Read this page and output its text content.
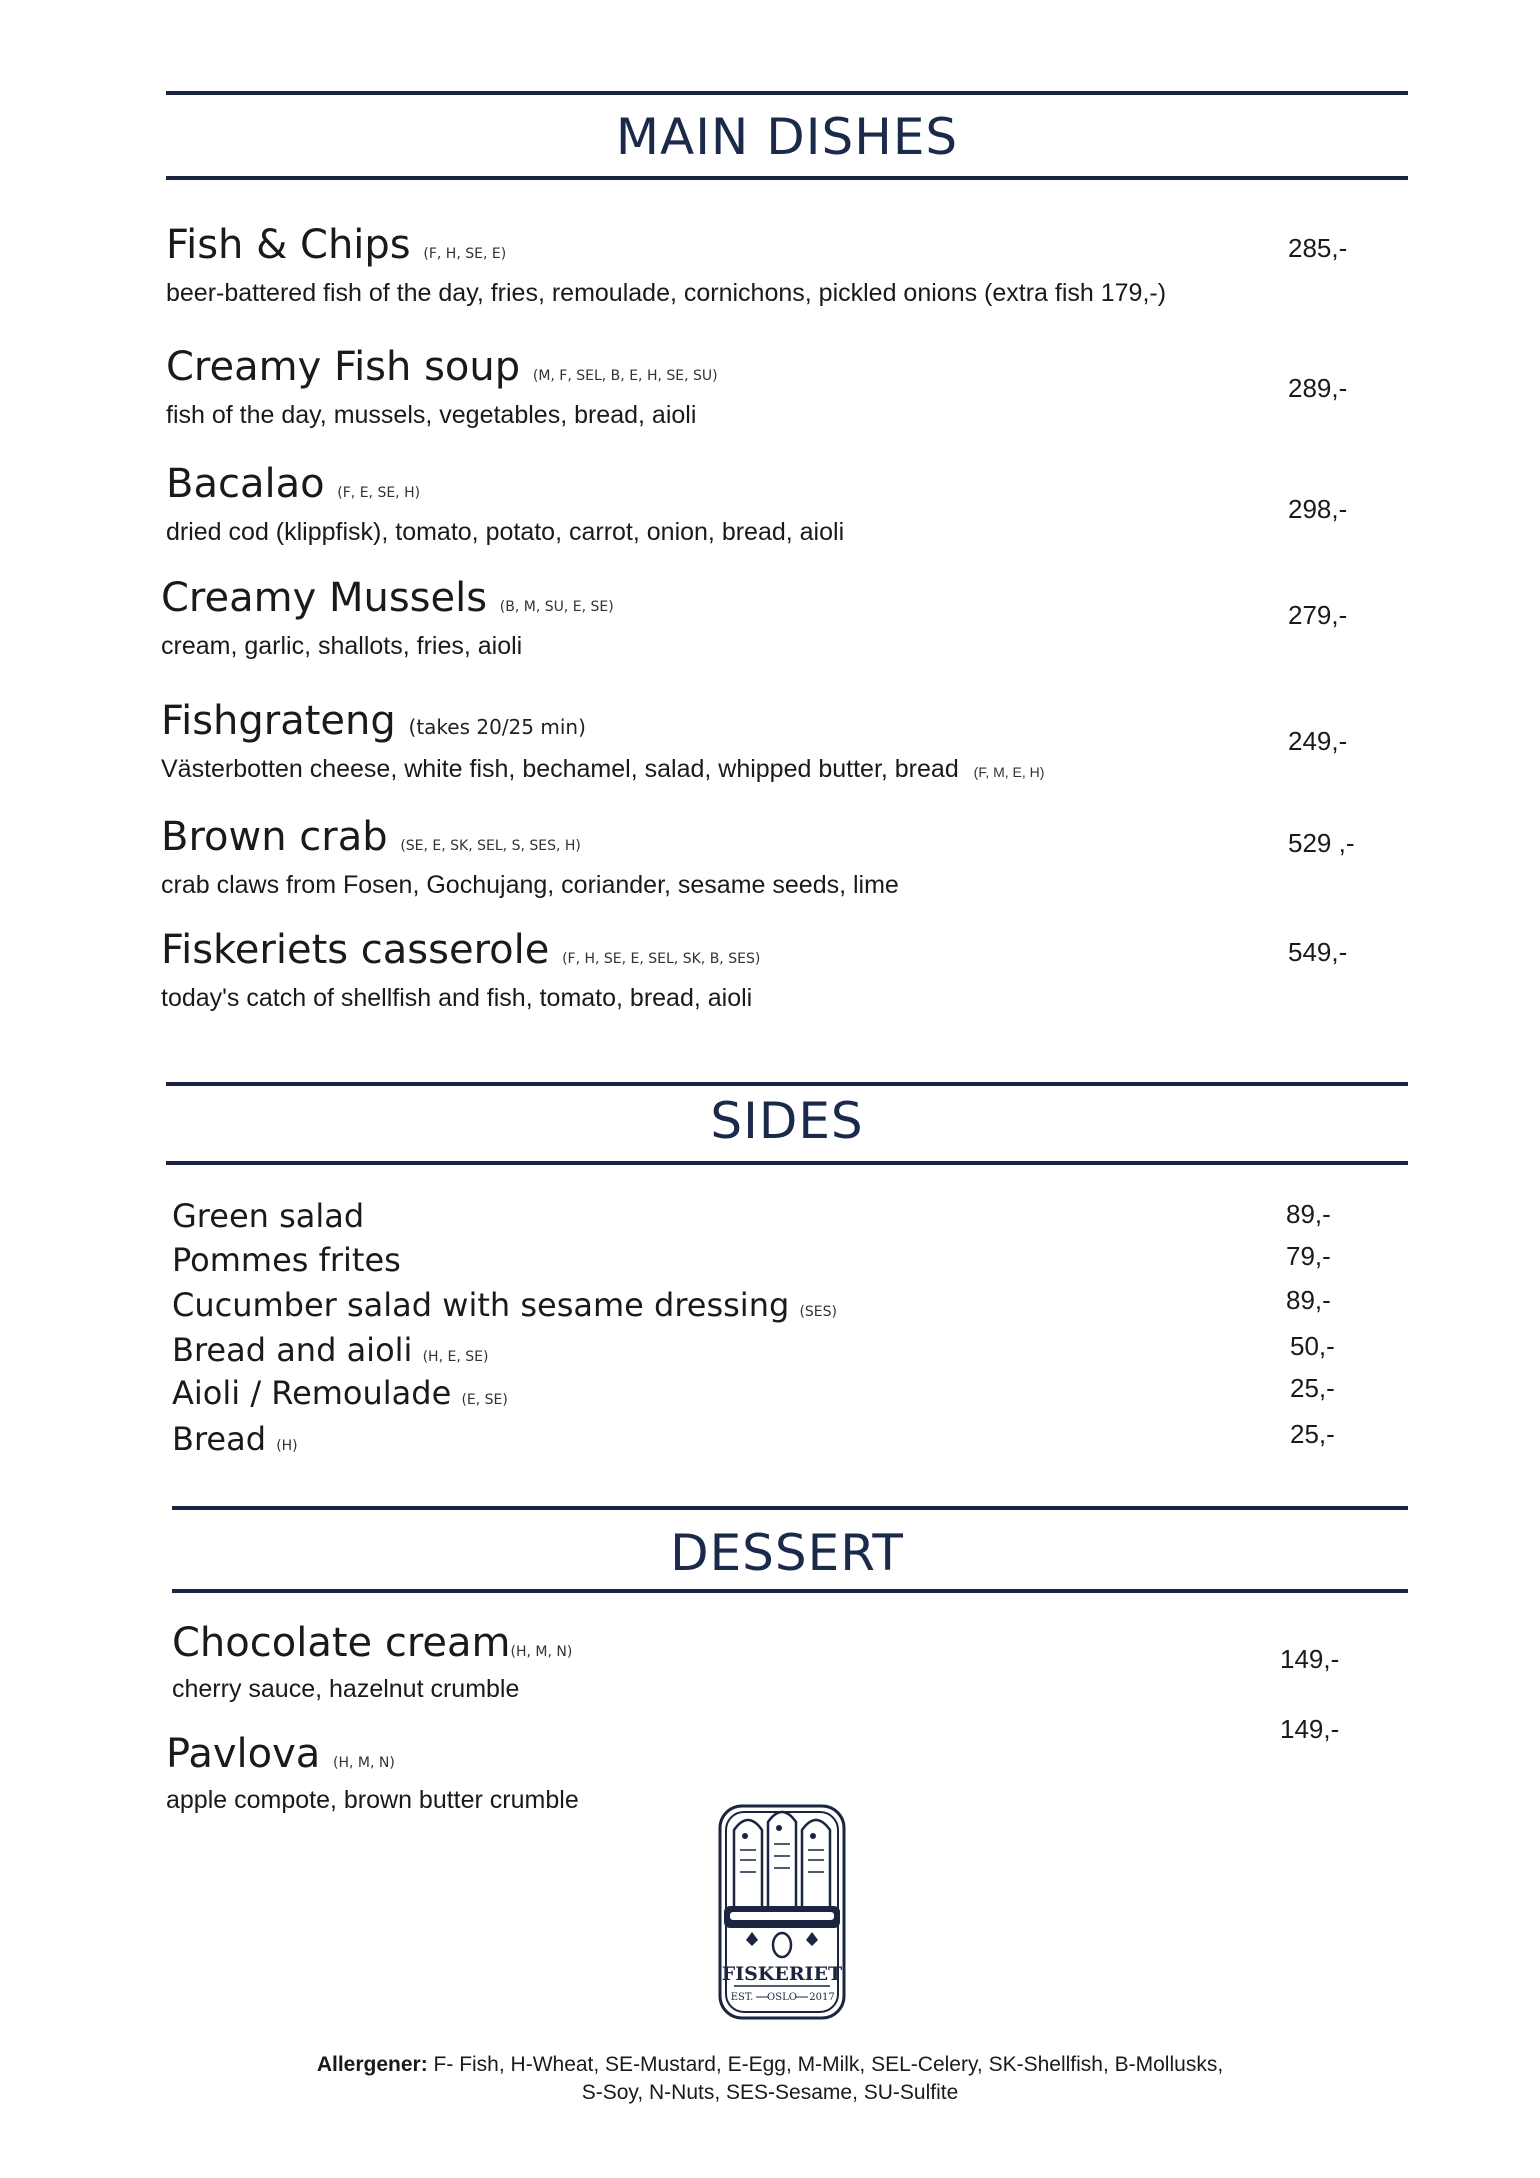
MAIN DISHES
Fish & Chips (F, H, SE, E)
beer-battered fish of the day, fries, remoulade, cornichons, pickled onions (extra fish 179,-)
285,-
Creamy Fish soup (M, F, SEL, B, E, H, SE, SU)
fish of the day, mussels, vegetables, bread, aioli
289,-
Bacalao (F, E, SE, H)
dried cod (klippfisk), tomato, potato, carrot, onion, bread, aioli
298,-
Creamy Mussels (B, M, SU, E, SE)
cream, garlic, shallots, fries, aioli
279,-
Fishgrateng (takes 20/25 min)
Västerbotten cheese, white fish, bechamel, salad, whipped butter, bread (F, M, E, H)
249,-
Brown crab (SE, E, SK, SEL, S, SES, H)
crab claws from Fosen, Gochujang, coriander, sesame seeds, lime
529 ,-
Fiskeriets casserole (F, H, SE, E, SEL, SK, B, SES)
today's catch of shellfish and fish, tomato, bread, aioli
549,-
SIDES
Green salad	89,-
Pommes frites	79,-
Cucumber salad with sesame dressing (SES)	89,-
Bread and aioli (H, E, SE)	50,-
Aioli / Remoulade (E, SE)	25,-
Bread (H)	25,-
DESSERT
Chocolate cream(H, M, N)
cherry sauce, hazelnut crumble
149,-
Pavlova (H, M, N)
apple compote, brown butter crumble
149,-
FISKERIET
EST. OSLO 2017
Allergener: F- Fish, H-Wheat, SE-Mustard, E-Egg, M-Milk, SEL-Celery, SK-Shellfish, B-Mollusks,
S-Soy, N-Nuts, SES-Sesame, SU-Sulfite
